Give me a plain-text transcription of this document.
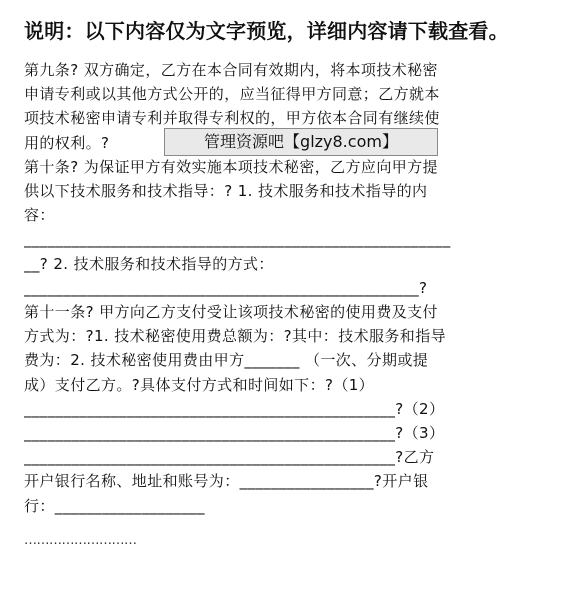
说明：以下内容仅为文字预览，详细内容请下载查看。
第九条? 双方确定，乙方在本合同有效期内，将本项技术秘密
申请专利或以其他方式公开的，应当征得甲方同意；乙方就本
项技术秘密申请专利并取得专利权的，甲方依本合同有继续使
用的权利。?
第十条? 为保证甲方有效实施本项技术秘密，乙方应向甲方提
供以下技术服务和技术指导：? 1. 技术服务和技术指导的内
容：
______________________________________________________
__? 2. 技术服务和技术指导的方式：
__________________________________________________?
第十一条? 甲方向乙方支付受让该项技术秘密的使用费及支付
方式为：?1. 技术秘密使用费总额为：?其中：技术服务和指导
费为：2. 技术秘密使用费由甲方_______ （一次、分期或提
成）支付乙方。?具体支付方式和时间如下：?（1）
_______________________________________________?（2）
_______________________________________________?（3）
_______________________________________________?乙方
开户银行名称、地址和账号为：_________________?开户银
行：___________________
管理资源吧【glzy8.com】
………………………
